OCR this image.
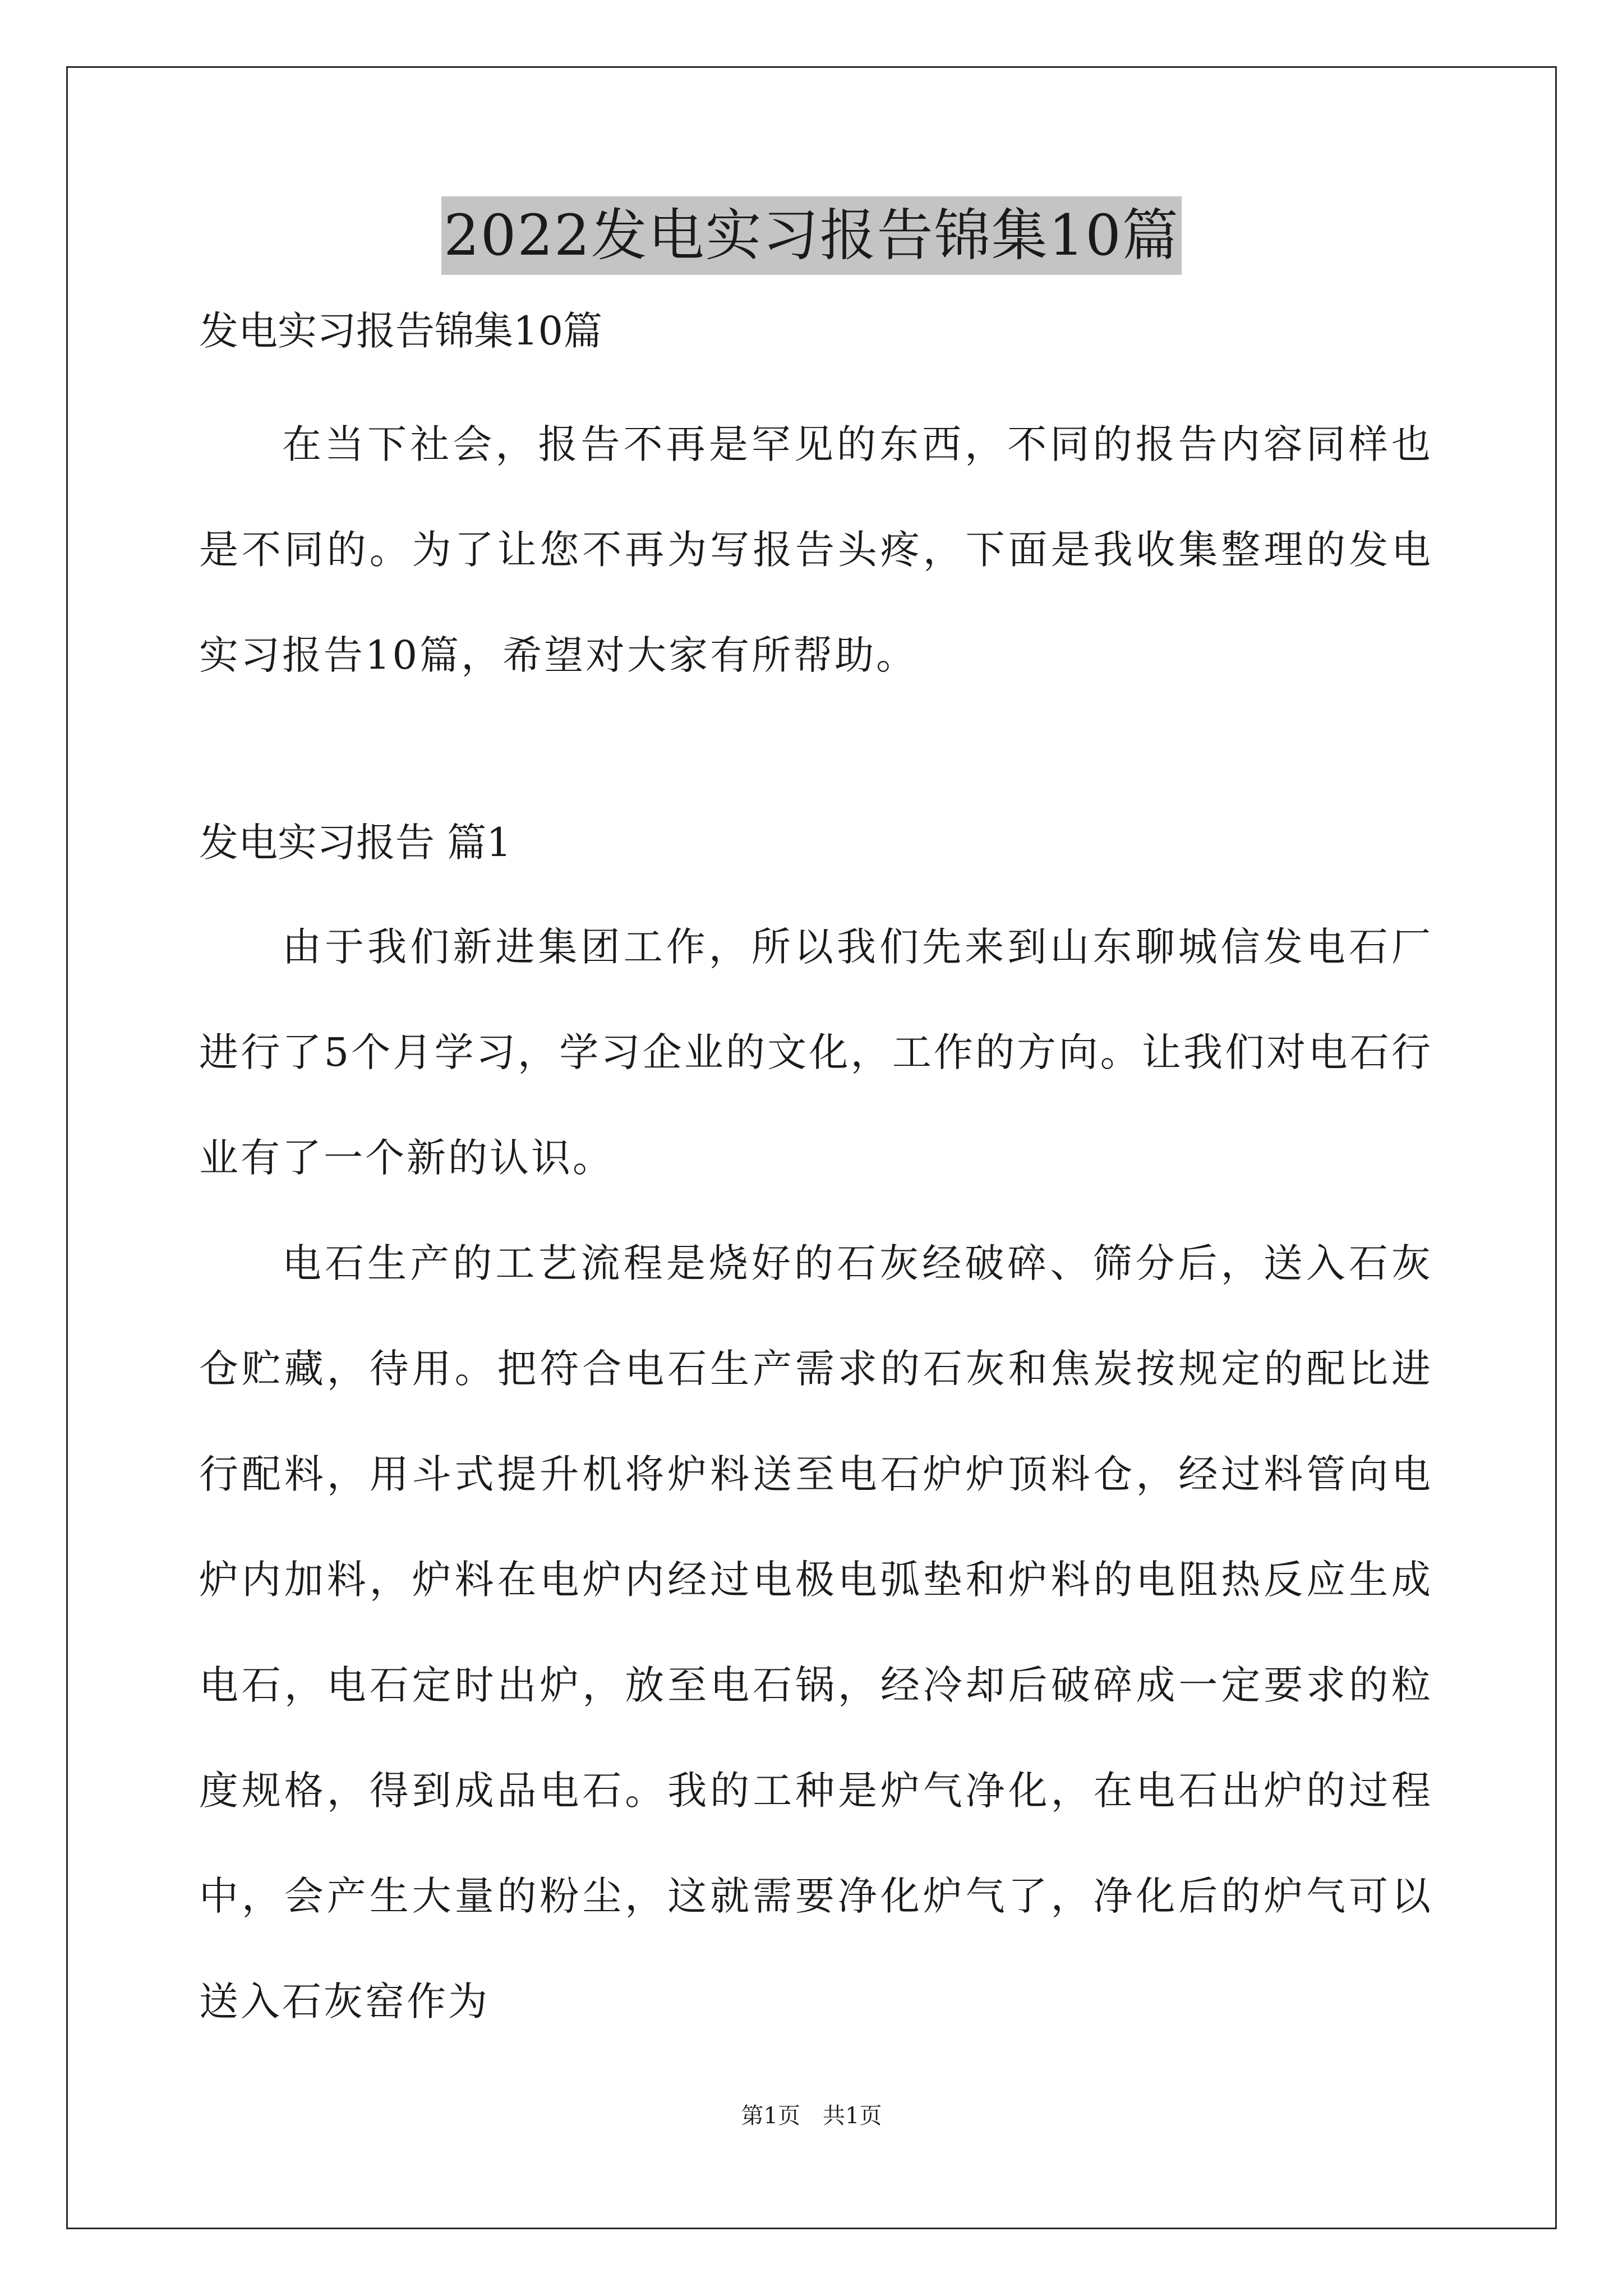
2022发电实习报告锦集10篇
发电实习报告锦集10篇

在当下社会，报告不再是罕见的东西，不同的报告内容同样也是不同的。为了让您不再为写报告头疼，下面是我收集整理的发电实习报告10篇，希望对大家有所帮助。

发电实习报告 篇1

由于我们新进集团工作，所以我们先来到山东聊城信发电石厂进行了5个月学习，学习企业的文化，工作的方向。让我们对电石行业有了一个新的认识。

电石生产的工艺流程是烧好的石灰经破碎、筛分后，送入石灰仓贮藏，待用。把符合电石生产需求的石灰和焦炭按规定的配比进行配料，用斗式提升机将炉料送至电石炉炉顶料仓，经过料管向电炉内加料，炉料在电炉内经过电极电弧垫和炉料的电阻热反应生成电石，电石定时出炉，放至电石锅，经冷却后破碎成一定要求的粒度规格，得到成品电石。我的工种是炉气净化，在电石出炉的过程中，会产生大量的粉尘，这就需要净化炉气了，净化后的炉气可以送入石灰窑作为

第1页　共1页
